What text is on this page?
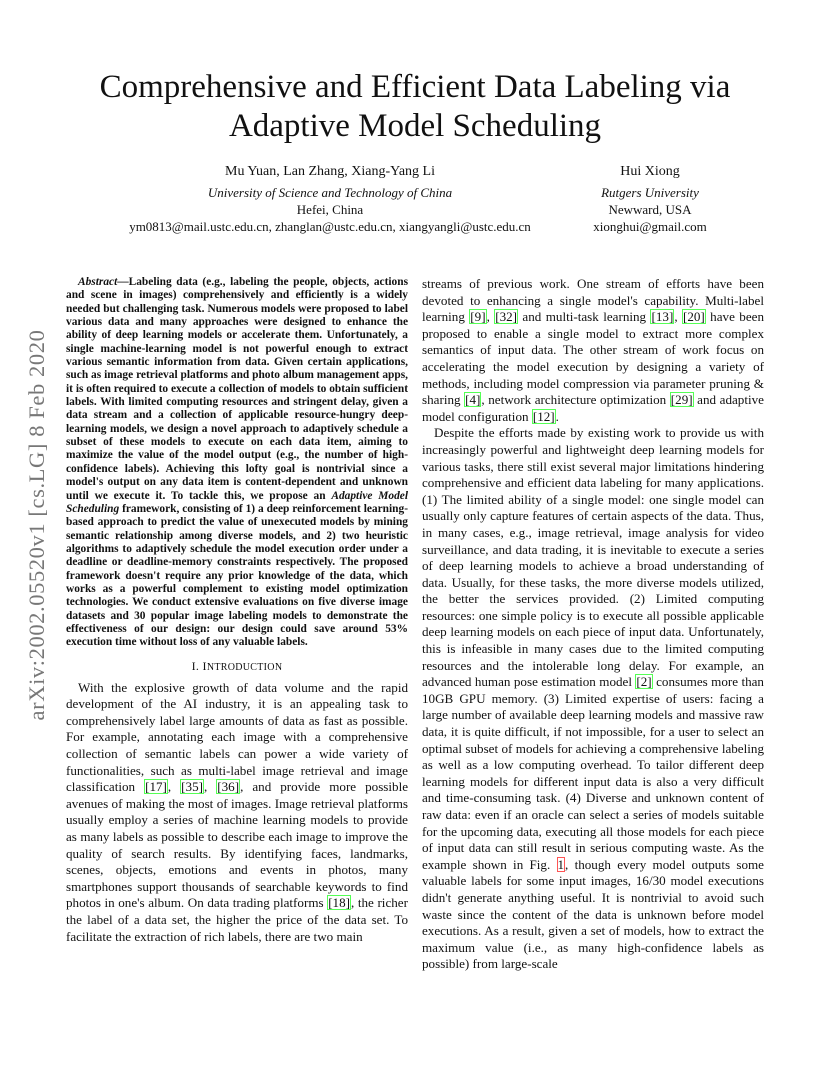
arXiv:2002.05520v1 [cs.LG] 8 Feb 2020
Comprehensive and Efficient Data Labeling via
Adaptive Model Scheduling
Mu Yuan, Lan Zhang, Xiang-Yang Li
University of Science and Technology of China
Hefei, China
ym0813@mail.ustc.edu.cn, zhanglan@ustc.edu.cn, xiangyangli@ustc.edu.cn
Hui Xiong
Rutgers University
Newward, USA
xionghui@gmail.com

Abstract—Labeling data (e.g., labeling the people, objects, actions and scene in images) comprehensively and efficiently is a widely needed but challenging task. Numerous models were proposed to label various data and many approaches were designed to enhance the ability of deep learning models or accelerate them. Unfortunately, a single machine-learning model is not powerful enough to extract various semantic information from data. Given certain applications, such as image retrieval platforms and photo album management apps, it is often required to execute a collection of models to obtain sufficient labels. With limited computing resources and stringent delay, given a data stream and a collection of applicable resource-hungry deep-learning models, we design a novel approach to adaptively schedule a subset of these models to execute on each data item, aiming to maximize the value of the model output (e.g., the number of high-confidence labels). Achieving this lofty goal is nontrivial since a model's output on any data item is content-dependent and unknown until we execute it. To tackle this, we propose an Adaptive Model Scheduling framework, consisting of 1) a deep reinforcement learning-based approach to predict the value of unexecuted models by mining semantic relationship among diverse models, and 2) two heuristic algorithms to adaptively schedule the model execution order under a deadline or deadline-memory constraints respectively. The proposed framework doesn't require any prior knowledge of the data, which works as a powerful complement to existing model optimization technologies. We conduct extensive evaluations on five diverse image datasets and 30 popular image labeling models to demonstrate the effectiveness of our design: our design could save around 53% execution time without loss of any valuable labels.

I. INTRODUCTION

With the explosive growth of data volume and the rapid development of the AI industry, it is an appealing task to comprehensively label large amounts of data as fast as possible. For example, annotating each image with a comprehensive collection of semantic labels can power a wide variety of functionalities, such as multi-label image retrieval and image classification [17], [35], [36], and provide more possible avenues of making the most of images. Image retrieval platforms usually employ a series of machine learning models to provide as many labels as possible to describe each image to improve the quality of search results. By identifying faces, landmarks, scenes, objects, emotions and events in photos, many smartphones support thousands of searchable keywords to find photos in one's album. On data trading platforms [18], the richer the label of a data set, the higher the price of the data set. To facilitate the extraction of rich labels, there are two main

streams of previous work. One stream of efforts have been devoted to enhancing a single model's capability. Multi-label learning [9], [32] and multi-task learning [13], [20] have been proposed to enable a single model to extract more complex semantics of input data. The other stream of work focus on accelerating the model execution by designing a variety of methods, including model compression via parameter pruning & sharing [4], network architecture optimization [29] and adaptive model configuration [12].

Despite the efforts made by existing work to provide us with increasingly powerful and lightweight deep learning models for various tasks, there still exist several major limitations hindering comprehensive and efficient data labeling for many applications. (1) The limited ability of a single model: one single model can usually only capture features of certain aspects of the data. Thus, in many cases, e.g., image retrieval, image analysis for video surveillance, and data trading, it is inevitable to execute a series of deep learning models to achieve a broad understanding of data. Usually, for these tasks, the more diverse models utilized, the better the services provided. (2) Limited computing resources: one simple policy is to execute all possible applicable deep learning models on each piece of input data. Unfortunately, this is infeasible in many cases due to the limited computing resources and the intolerable long delay. For example, an advanced human pose estimation model [2] consumes more than 10GB GPU memory. (3) Limited expertise of users: facing a large number of available deep learning models and massive raw data, it is quite difficult, if not impossible, for a user to select an optimal subset of models for achieving a comprehensive labeling as well as a low computing overhead. To tailor different deep learning models for different input data is also a very difficult and time-consuming task. (4) Diverse and unknown content of raw data: even if an oracle can select a series of models suitable for the upcoming data, executing all those models for each piece of input data can still result in serious computing waste. As the example shown in Fig. 1, though every model outputs some valuable labels for some input images, 16/30 model executions didn't generate anything useful. It is nontrivial to avoid such waste since the content of the data is unknown before model executions. As a result, given a set of models, how to extract the maximum value (i.e., as many high-confidence labels as possible) from large-scale
